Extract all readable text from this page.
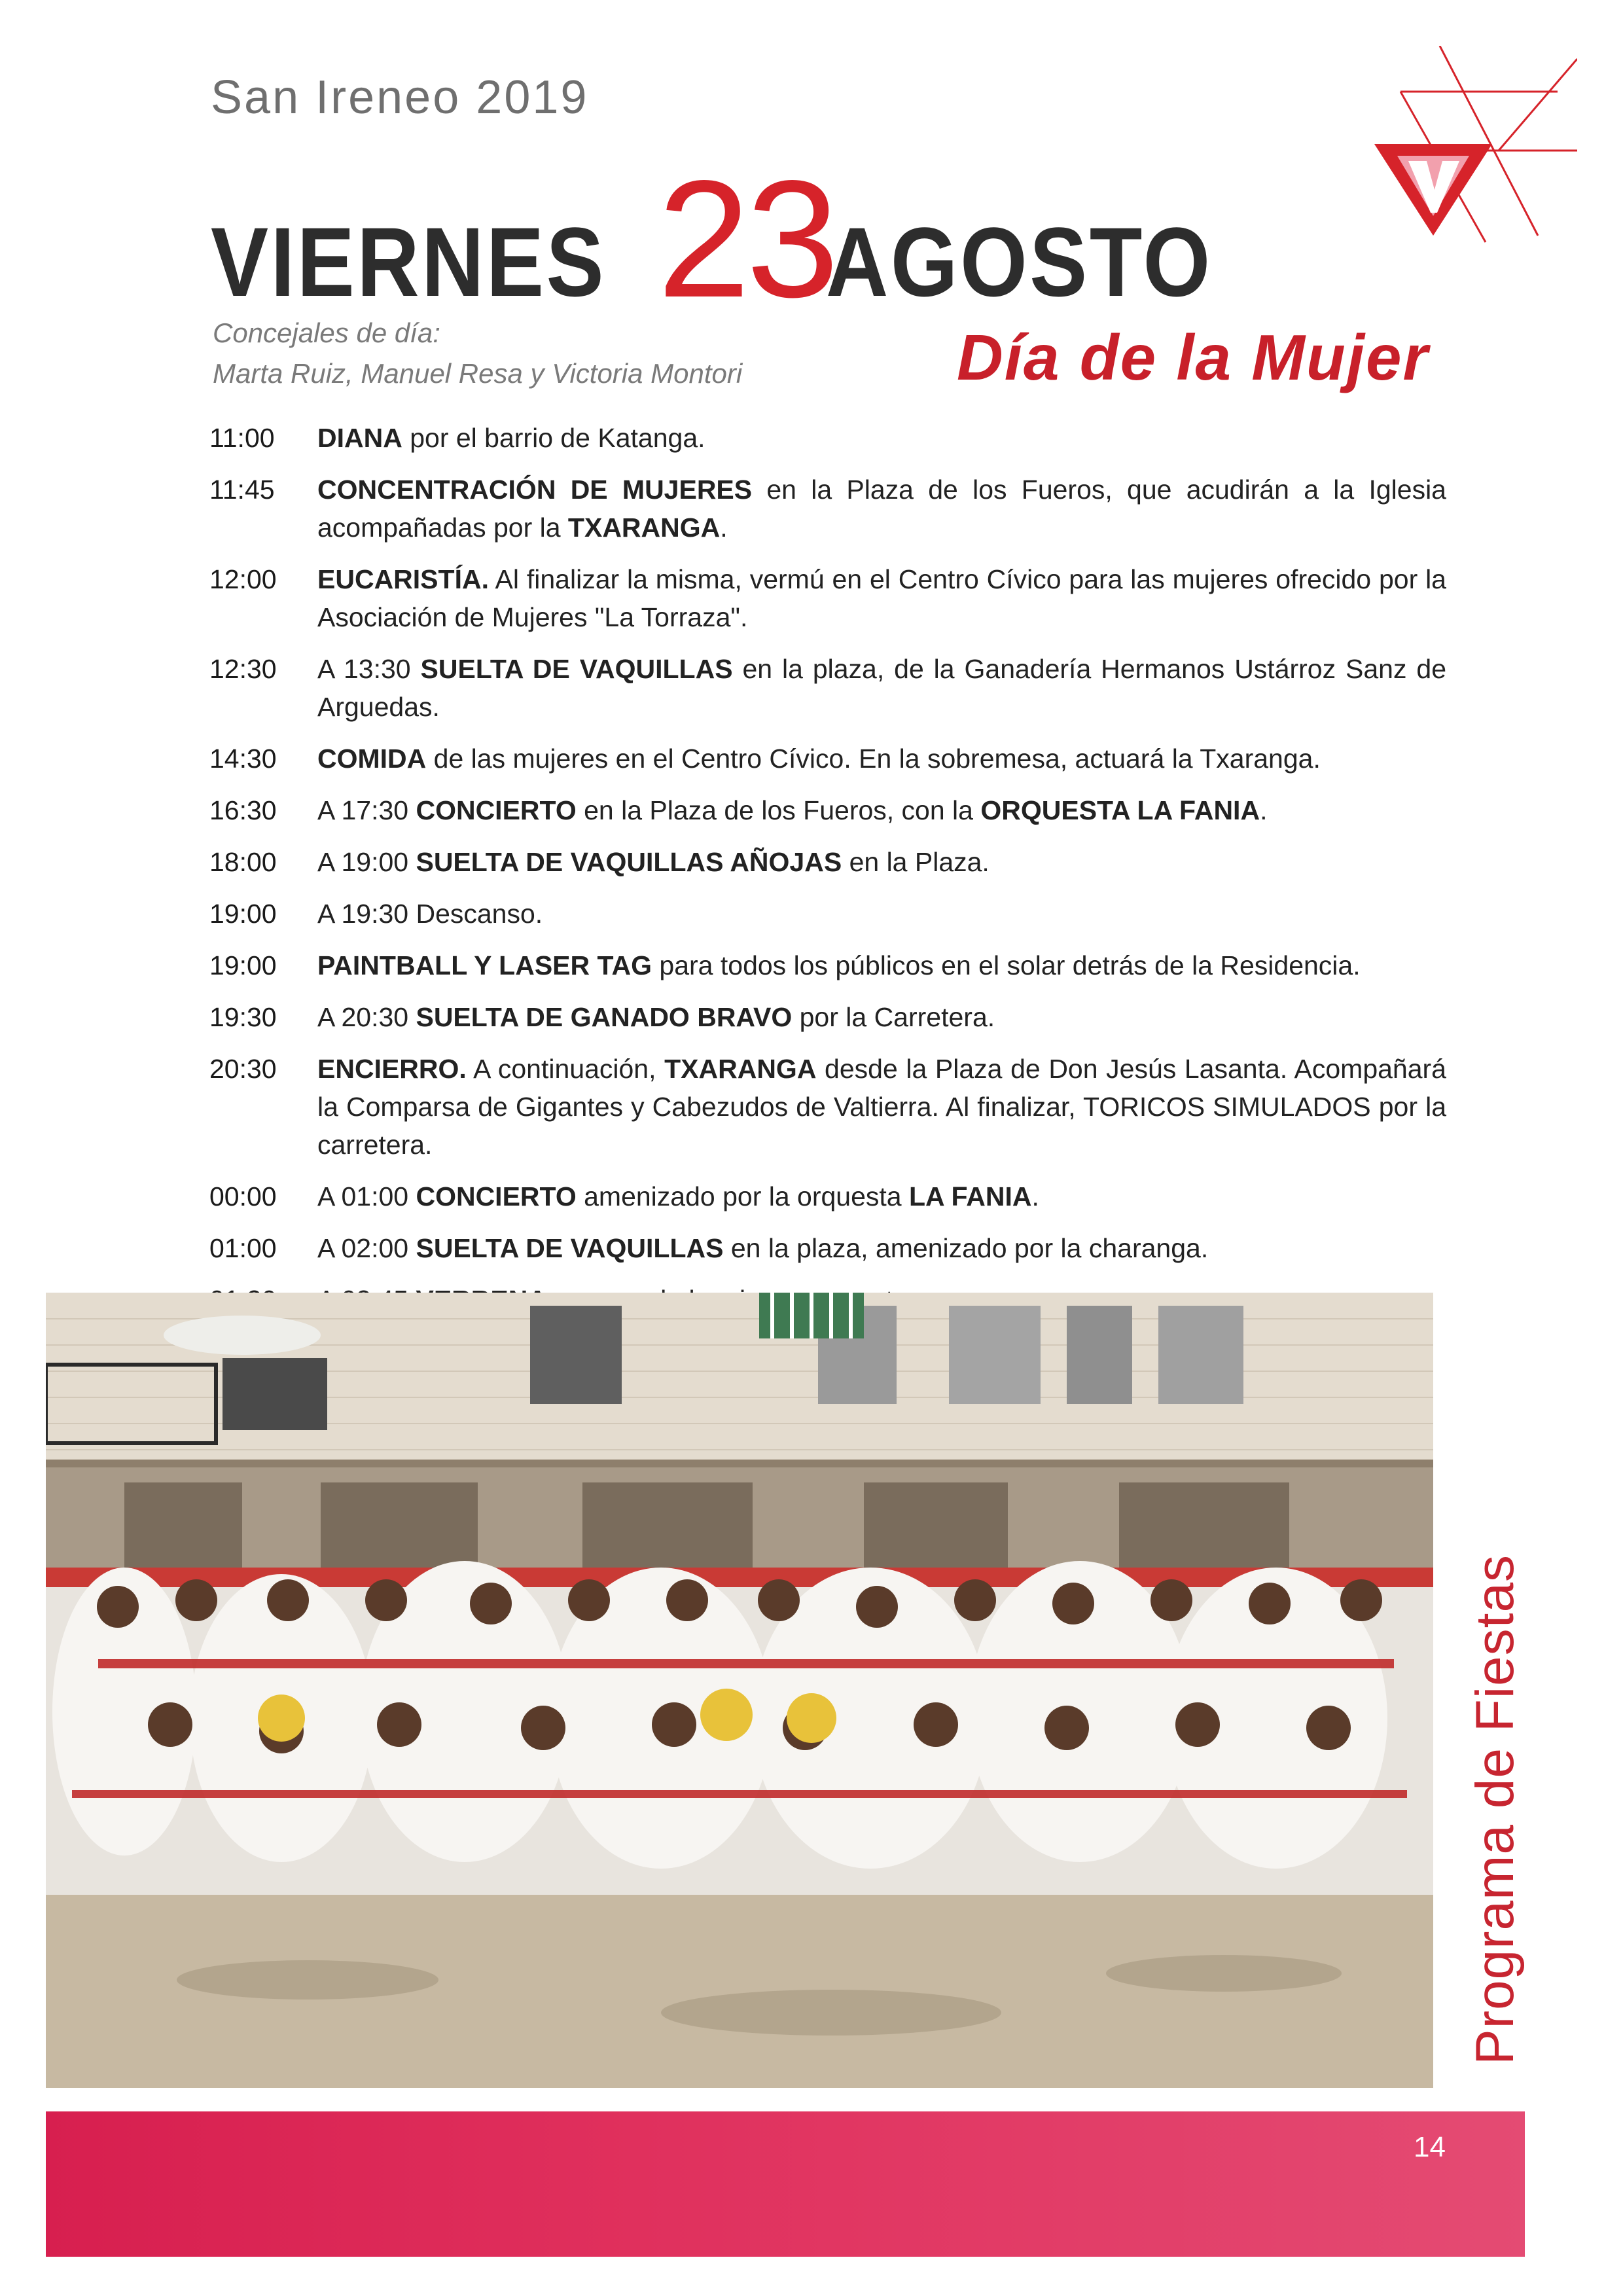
San Ireneo 2019
VIERNES 23
AGOSTO
Concejales de día:
Marta Ruiz, Manuel Resa y Victoria Montori	Día de la Mujer
11:00	DIANA por el barrio de Katanga.
11:45	CONCENTRACIÓN DE MUJERES en la Plaza de los Fueros, que acudirán a la Iglesia acompañadas por la TXARANGA.
12:00	EUCARISTÍA. Al finalizar la misma, vermú en el Centro Cívico para las mujeres ofrecido por la Asociación de Mujeres "La Torraza".
12:30	A 13:30 SUELTA DE VAQUILLAS en la plaza, de la Ganadería Hermanos Ustárroz Sanz de Arguedas.
14:30	COMIDA de las mujeres en el Centro Cívico. En la sobremesa, actuará la Txaranga.
16:30	A 17:30 CONCIERTO en la Plaza de los Fueros, con la ORQUESTA LA FANIA.
18:00	A 19:00 SUELTA DE VAQUILLAS AÑOJAS en la Plaza.
19:00	A 19:30 Descanso.
19:00	PAINTBALL Y LASER TAG para todos los públicos en el solar detrás de la Residencia.
19:30	A 20:30 SUELTA DE GANADO BRAVO por la Carretera.
20:30	ENCIERRO. A continuación, TXARANGA desde la Plaza de Don Jesús Lasanta. Acompañará la Comparsa de Gigantes y Cabezudos de Valtierra. Al finalizar, TORICOS SIMULADOS por la carretera.
00:00	A 01:00 CONCIERTO amenizado por la orquesta LA FANIA.
01:00	A 02:00 SUELTA DE VAQUILLAS en la plaza, amenizado por la charanga.
Programa de Fiestas
14
